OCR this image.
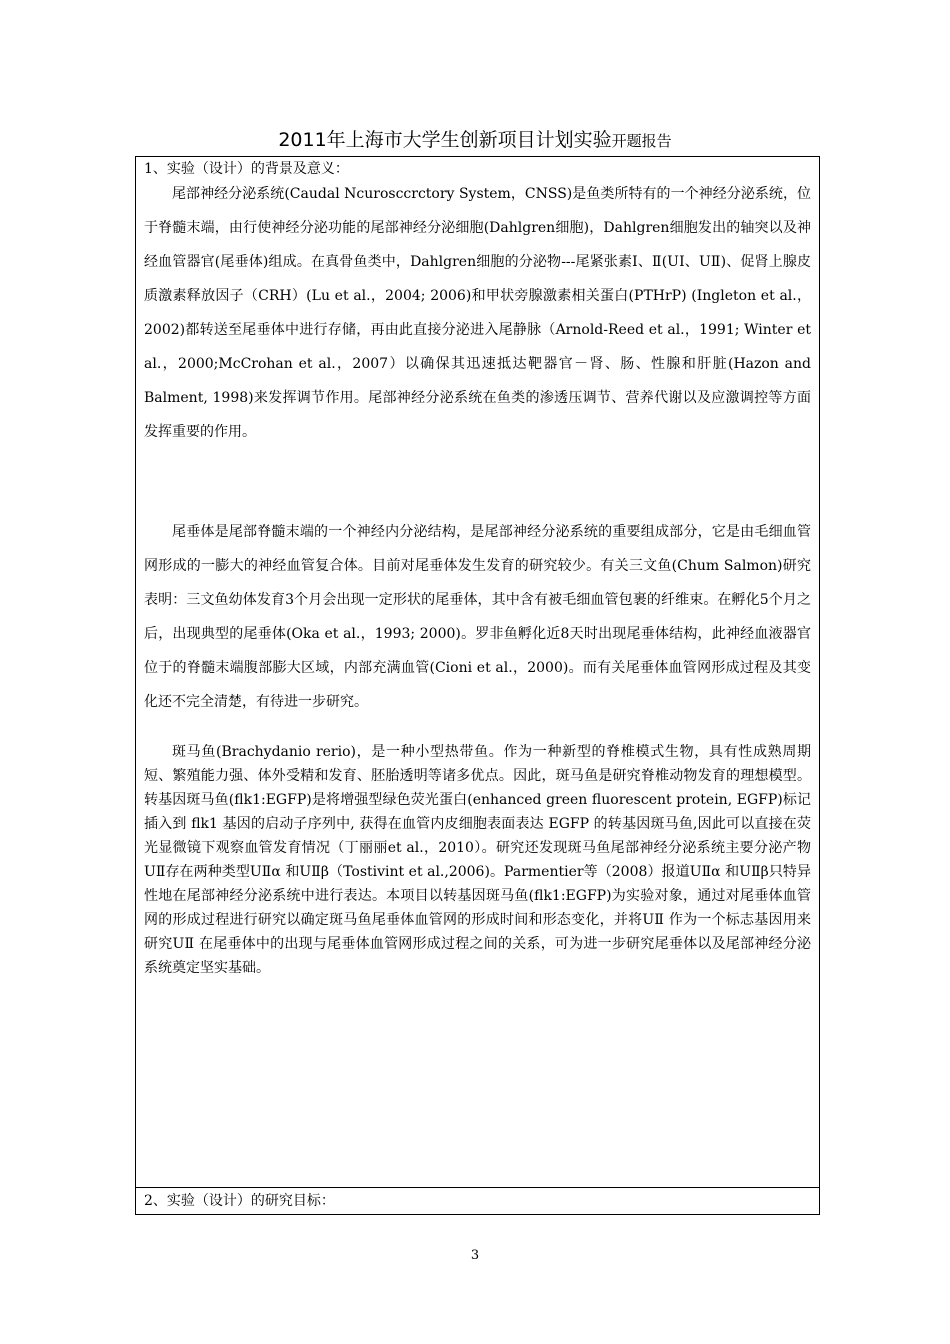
2011年上海市大学生创新项目计划实验开题报告
1、实验（设计）的背景及意义：

尾部神经分泌系统(Caudal Ncurosccrctory System，CNSS)是鱼类所特有的一个神经分泌系统，位于脊髓末端，由行使神经分泌功能的尾部神经分泌细胞(Dahlgren细胞)，Dahlgren细胞发出的轴突以及神经血管器官(尾垂体)组成。在真骨鱼类中，Dahlgren细胞的分泌物---尾紧张素Ⅰ、Ⅱ(UⅠ、UⅡ)、促肾上腺皮质激素释放因子（CRH）(Lu et al.，2004; 2006)和甲状旁腺激素相关蛋白(PTHrP) (Ingleton et al.，2002)都转送至尾垂体中进行存储，再由此直接分泌进入尾静脉（Arnold-Reed et al.，1991; Winter et al.，2000;McCrohan et al.，2007）以确保其迅速抵达靶器官－肾、肠、性腺和肝脏(Hazon and Balment, 1998)来发挥调节作用。尾部神经分泌系统在鱼类的渗透压调节、营养代谢以及应激调控等方面发挥重要的作用。

尾垂体是尾部脊髓末端的一个神经内分泌结构，是尾部神经分泌系统的重要组成部分，它是由毛细血管网形成的一膨大的神经血管复合体。目前对尾垂体发生发育的研究较少。有关三文鱼(Chum Salmon)研究表明：三文鱼幼体发育3个月会出现一定形状的尾垂体，其中含有被毛细血管包裹的纤维束。在孵化5个月之后，出现典型的尾垂体(Oka et al.，1993; 2000)。罗非鱼孵化近8天时出现尾垂体结构，此神经血液器官位于的脊髓末端腹部膨大区域，内部充满血管(Cioni et al.，2000)。而有关尾垂体血管网形成过程及其变化还不完全清楚，有待进一步研究。

斑马鱼(Brachydanio rerio)，是一种小型热带鱼。作为一种新型的脊椎模式生物，具有性成熟周期短、繁殖能力强、体外受精和发育、胚胎透明等诸多优点。因此，斑马鱼是研究脊椎动物发育的理想模型。转基因斑马鱼(flk1:EGFP)是将增强型绿色荧光蛋白(enhanced green fluorescent protein, EGFP)标记插入到 flk1 基因的启动子序列中, 获得在血管内皮细胞表面表达 EGFP 的转基因斑马鱼,因此可以直接在荧光显微镜下观察血管发育情况（丁丽丽et al.，2010）。研究还发现斑马鱼尾部神经分泌系统主要分泌产物UⅡ存在两种类型UⅡα 和UⅡβ（Tostivint et al.,2006)。Parmentier等（2008）报道UⅡα 和UⅡβ只特异性地在尾部神经分泌系统中进行表达。本项目以转基因斑马鱼(flk1:EGFP)为实验对象，通过对尾垂体血管网的形成过程进行研究以确定斑马鱼尾垂体血管网的形成时间和形态变化，并将UⅡ 作为一个标志基因用来研究UⅡ 在尾垂体中的出现与尾垂体血管网形成过程之间的关系，可为进一步研究尾垂体以及尾部神经分泌系统奠定坚实基础。

2、实验（设计）的研究目标：
3
